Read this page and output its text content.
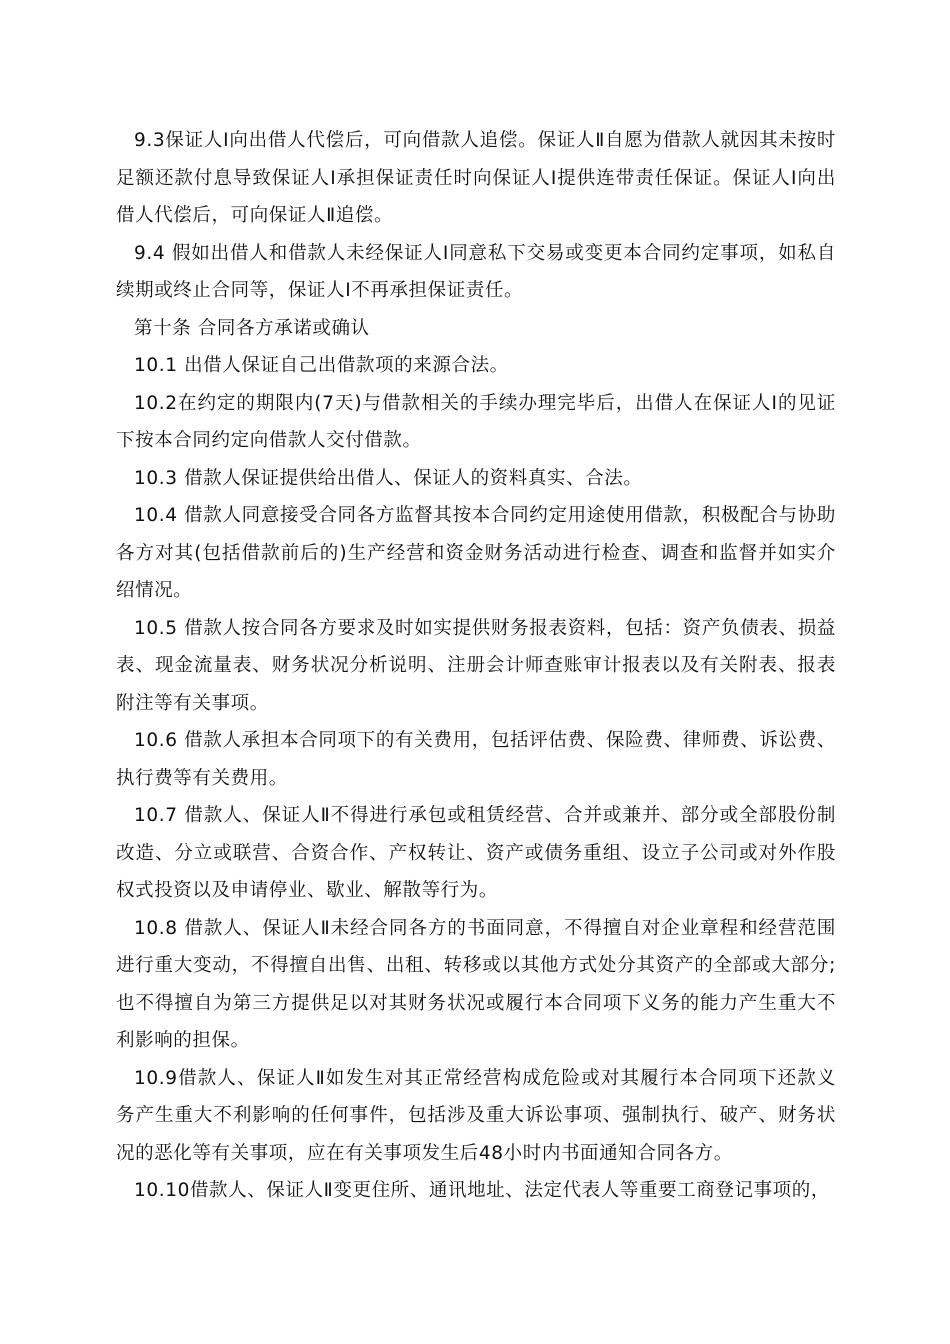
9.3保证人Ⅰ向出借人代偿后，可向借款人追偿。保证人Ⅱ自愿为借款人就因其未按时足额还款付息导致保证人Ⅰ承担保证责任时向保证人Ⅰ提供连带责任保证。保证人Ⅰ向出借人代偿后，可向保证人Ⅱ追偿。

9.4 假如出借人和借款人未经保证人Ⅰ同意私下交易或变更本合同约定事项，如私自续期或终止合同等，保证人Ⅰ不再承担保证责任。

第十条 合同各方承诺或确认

10.1 出借人保证自己出借款项的来源合法。

10.2在约定的期限内(7天)与借款相关的手续办理完毕后，出借人在保证人Ⅰ的见证下按本合同约定向借款人交付借款。

10.3 借款人保证提供给出借人、保证人的资料真实、合法。

10.4 借款人同意接受合同各方监督其按本合同约定用途使用借款，积极配合与协助各方对其(包括借款前后的)生产经营和资金财务活动进行检查、调查和监督并如实介绍情况。

10.5 借款人按合同各方要求及时如实提供财务报表资料，包括：资产负债表、损益表、现金流量表、财务状况分析说明、注册会计师查账审计报表以及有关附表、报表附注等有关事项。

10.6 借款人承担本合同项下的有关费用，包括评估费、保险费、律师费、诉讼费、执行费等有关费用。

10.7 借款人、保证人Ⅱ不得进行承包或租赁经营、合并或兼并、部分或全部股份制改造、分立或联营、合资合作、产权转让、资产或债务重组、设立子公司或对外作股权式投资以及申请停业、歇业、解散等行为。

10.8 借款人、保证人Ⅱ未经合同各方的书面同意，不得擅自对企业章程和经营范围进行重大变动，不得擅自出售、出租、转移或以其他方式处分其资产的全部或大部分;也不得擅自为第三方提供足以对其财务状况或履行本合同项下义务的能力产生重大不利影响的担保。

10.9借款人、保证人Ⅱ如发生对其正常经营构成危险或对其履行本合同项下还款义务产生重大不利影响的任何事件，包括涉及重大诉讼事项、强制执行、破产、财务状况的恶化等有关事项，应在有关事项发生后48小时内书面通知合同各方。

10.10借款人、保证人Ⅱ变更住所、通讯地址、法定代表人等重要工商登记事项的，
